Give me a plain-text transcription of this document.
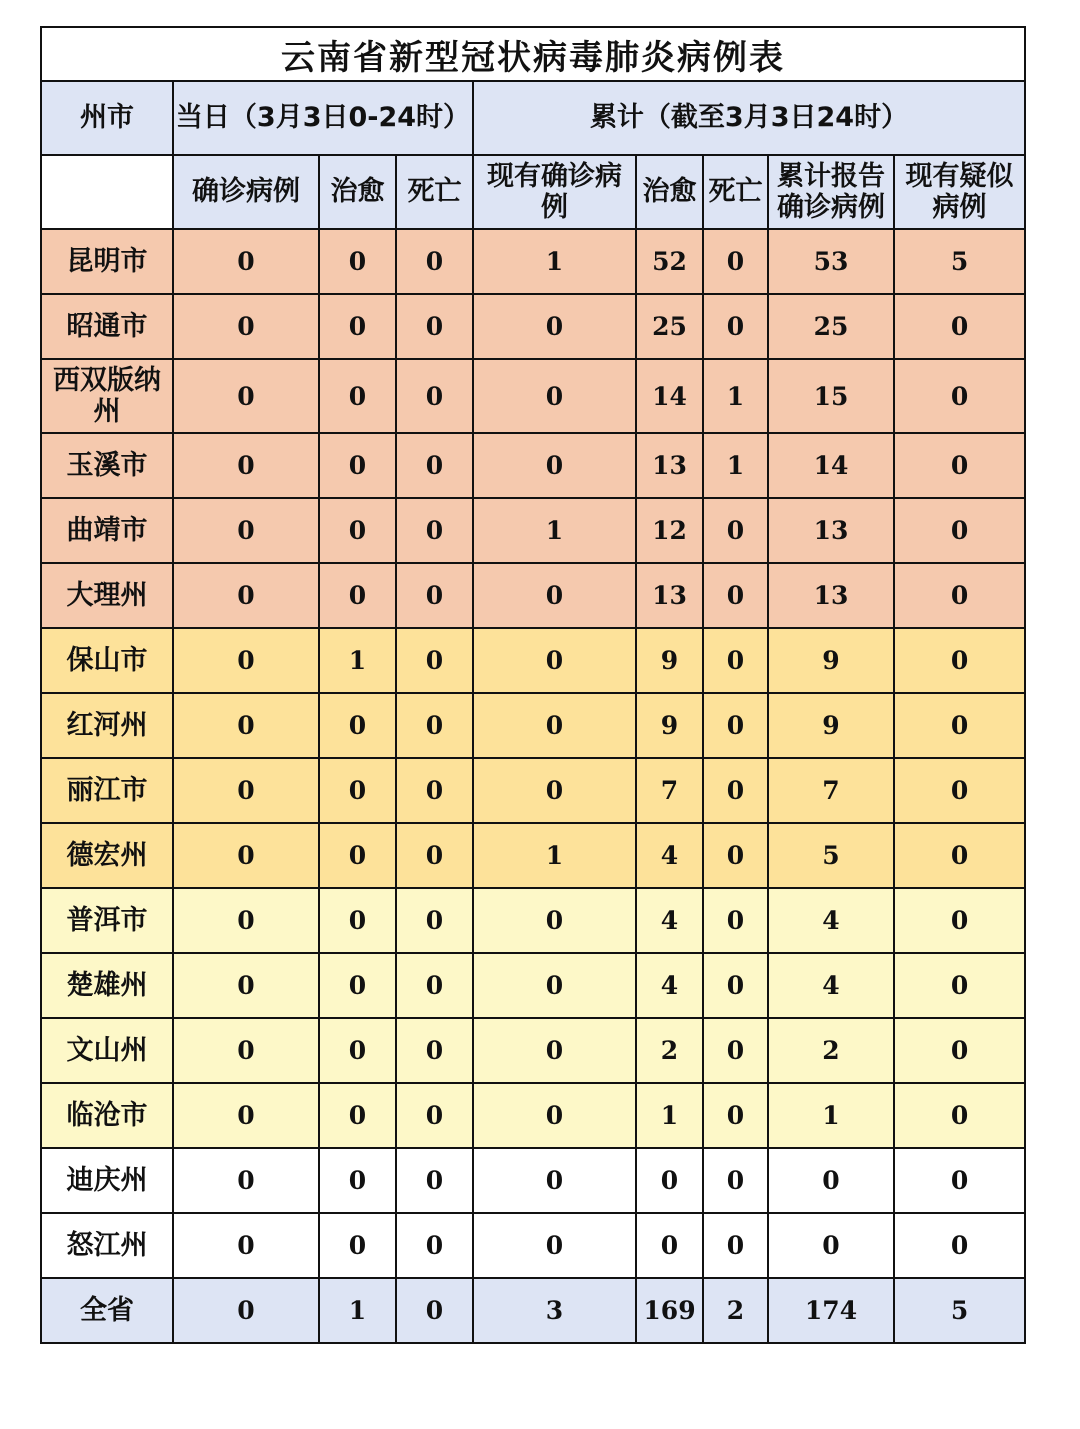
云南省新型冠状病毒肺炎病例表								
州市	当日（3月3日0-24时）			累计（截至3月3日24时）				
	确诊病例	治愈	死亡	现有确诊病例	治愈	死亡	累计报告确诊病例	现有疑似病例
昆明市	0	0	0	1	52	0	53	5
昭通市	0	0	0	0	25	0	25	0
西双版纳州	0	0	0	0	14	1	15	0
玉溪市	0	0	0	0	13	1	14	0
曲靖市	0	0	0	1	12	0	13	0
大理州	0	0	0	0	13	0	13	0
保山市	0	1	0	0	9	0	9	0
红河州	0	0	0	0	9	0	9	0
丽江市	0	0	0	0	7	0	7	0
德宏州	0	0	0	1	4	0	5	0
普洱市	0	0	0	0	4	0	4	0
楚雄州	0	0	0	0	4	0	4	0
文山州	0	0	0	0	2	0	2	0
临沧市	0	0	0	0	1	0	1	0
迪庆州	0	0	0	0	0	0	0	0
怒江州	0	0	0	0	0	0	0	0
全省	0	1	0	3	169	2	174	5
